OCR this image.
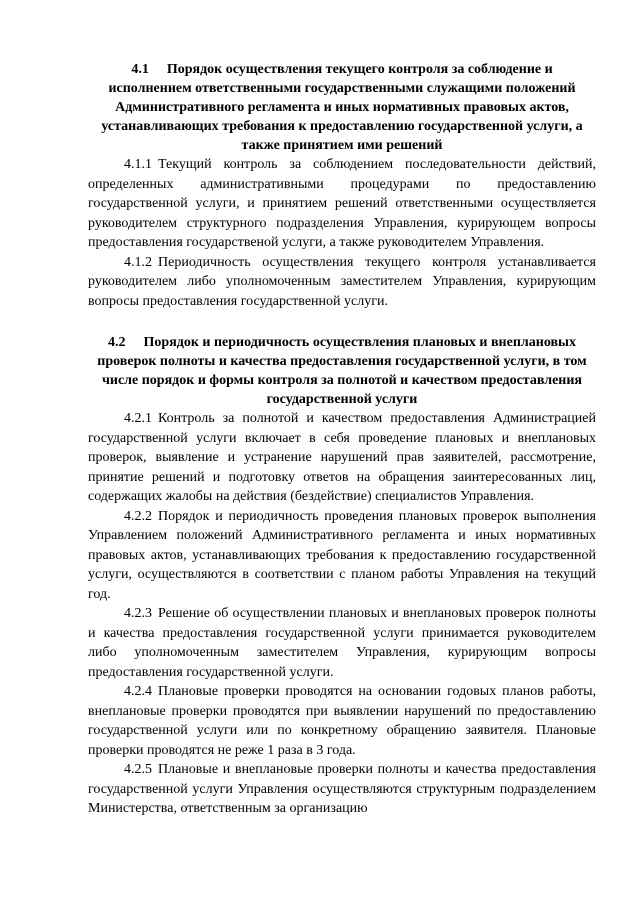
4.1 Порядок осуществления текущего контроля за соблюдение и исполнением ответственными государственными служащими положений Административного регламента и иных нормативных правовых актов, устанавливающих требования к предоставлению государственной услуги, а также принятием ими решений

4.1.1 Текущий контроль за соблюдением последовательности действий, определенных административными процедурами по предоставлению государственной услуги, и принятием решений ответственными осуществляется руководителем структурного подразделения Управления, курирующем вопросы предоставления государственой услуги, а также руководителем Управления.

4.1.2 Периодичность осуществления текущего контроля устанавливается руководителем либо уполномоченным заместителем Управления, курирующим вопросы предоставления государственной услуги.

4.2 Порядок и периодичность осуществления плановых и внеплановых проверок полноты и качества предоставления государственной услуги, в том числе порядок и формы контроля за полнотой и качеством предоставления государственной услуги

4.2.1 Контроль за полнотой и качеством предоставления Администрацией государственной услуги включает в себя проведение плановых и внеплановых проверок, выявление и устранение нарушений прав заявителей, рассмотрение, принятие решений и подготовку ответов на обращения заинтересованных лиц, содержащих жалобы на действия (бездействие) специалистов Управления.

4.2.2 Порядок и периодичность проведения плановых проверок выполнения Управлением положений Административного регламента и иных нормативных правовых актов, устанавливающих требования к предоставлению государственной услуги, осуществляются в соответствии с планом работы Управления на текущий год.

4.2.3 Решение об осуществлении плановых и внеплановых проверок полноты и качества предоставления государственной услуги принимается руководителем либо уполномоченным заместителем Управления, курирующим вопросы предоставления государственной услуги.

4.2.4 Плановые проверки проводятся на основании годовых планов работы, внеплановые проверки проводятся при выявлении нарушений по предоставлению государственной услуги или по конкретному обращению заявителя. Плановые проверки проводятся не реже 1 раза в 3 года.

4.2.5 Плановые и внеплановые проверки полноты и качества предоставления государственной услуги Управления осуществляются структурным подразделением Министерства, ответственным за организацию
